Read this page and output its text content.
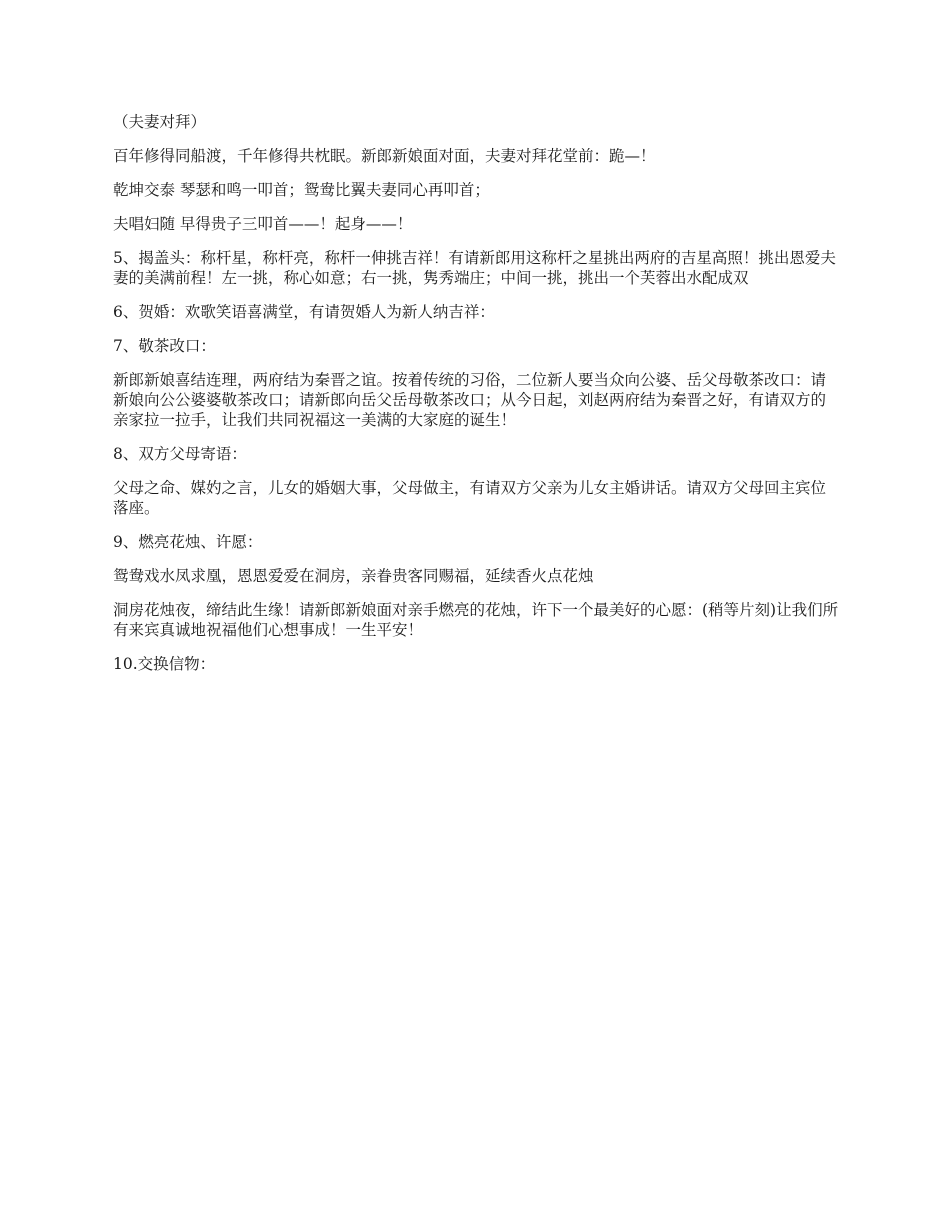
（夫妻对拜）

百年修得同船渡，千年修得共枕眠。新郎新娘面对面，夫妻对拜花堂前：跪—！

乾坤交泰 琴瑟和鸣一叩首；鸳鸯比翼夫妻同心再叩首；

夫唱妇随 早得贵子三叩首——！起身——！

5、揭盖头：称杆星，称杆亮，称杆一伸挑吉祥！有请新郎用这称杆之星挑出两府的吉星高照！挑出恩爱夫妻的美满前程！左一挑，称心如意；右一挑，隽秀端庄；中间一挑，挑出一个芙蓉出水配成双

6、贺婚：欢歌笑语喜满堂，有请贺婚人为新人纳吉祥：

7、敬茶改口：

新郎新娘喜结连理，两府结为秦晋之谊。按着传统的习俗，二位新人要当众向公婆、岳父母敬茶改口：请新娘向公公婆婆敬茶改口；请新郎向岳父岳母敬茶改口；从今日起，刘赵两府结为秦晋之好，有请双方的亲家拉一拉手，让我们共同祝福这一美满的大家庭的诞生！

8、双方父母寄语：

父母之命、媒妁之言，儿女的婚姻大事，父母做主，有请双方父亲为儿女主婚讲话。请双方父母回主宾位落座。

9、燃亮花烛、许愿：

鸳鸯戏水凤求凰，恩恩爱爱在洞房，亲眷贵客同赐福，延续香火点花烛

洞房花烛夜，缔结此生缘！请新郎新娘面对亲手燃亮的花烛，许下一个最美好的心愿：(稍等片刻)让我们所有来宾真诚地祝福他们心想事成！一生平安！

10.交换信物：
